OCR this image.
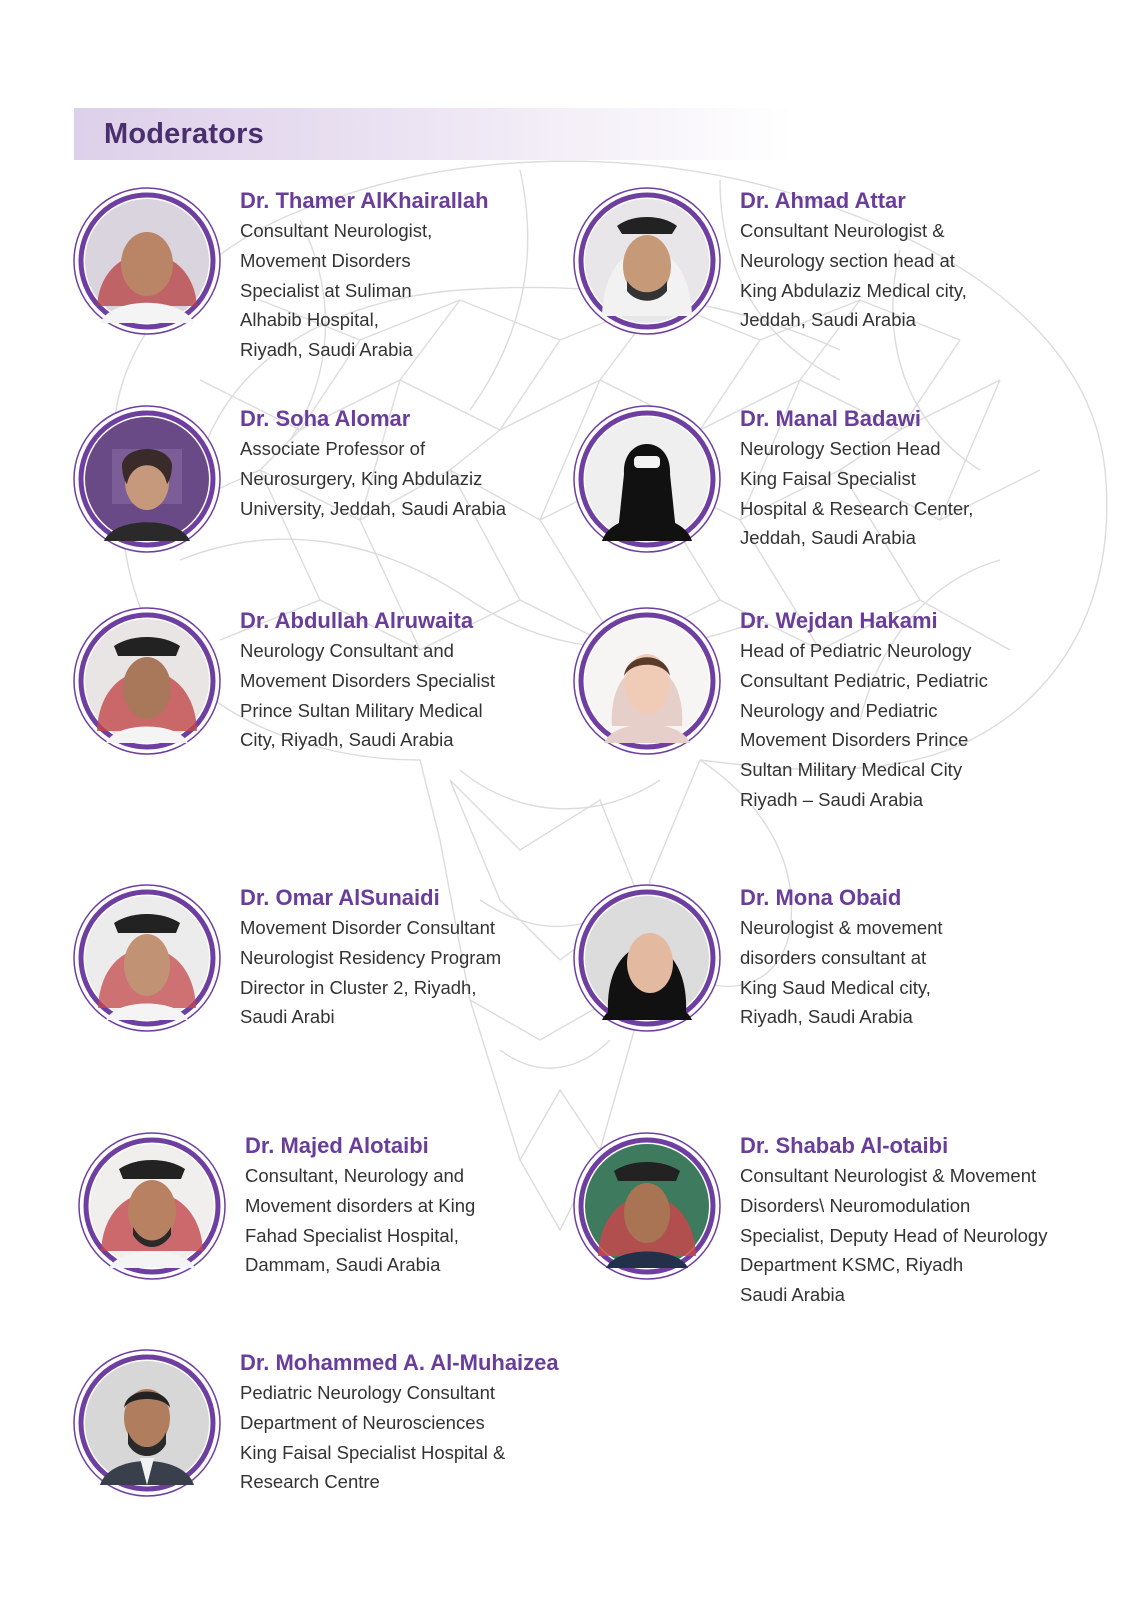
Moderators
Dr. Thamer AlKhairallah
Consultant Neurologist,
Movement Disorders
Specialist at Suliman
Alhabib Hospital,
Riyadh, Saudi Arabia
Dr. Ahmad Attar
Consultant Neurologist &
Neurology section head at
King Abdulaziz Medical city,
Jeddah, Saudi Arabia
Dr. Soha Alomar
Associate Professor of
Neurosurgery, King Abdulaziz
University, Jeddah, Saudi Arabia
Dr. Manal Badawi
Neurology Section Head
King Faisal Specialist
Hospital & Research Center,
Jeddah, Saudi Arabia
Dr. Abdullah Alruwaita
Neurology Consultant and
Movement Disorders Specialist
Prince Sultan Military Medical
City, Riyadh, Saudi Arabia
Dr. Wejdan Hakami
Head of Pediatric Neurology
Consultant Pediatric, Pediatric
Neurology and Pediatric
Movement Disorders Prince
Sultan Military Medical City
Riyadh – Saudi Arabia
Dr. Omar AlSunaidi
Movement Disorder Consultant
Neurologist Residency Program
Director in Cluster 2, Riyadh,
Saudi Arabi
Dr. Mona Obaid
Neurologist & movement
disorders consultant at
King Saud Medical city,
Riyadh, Saudi Arabia
Dr. Majed Alotaibi
Consultant, Neurology and
Movement disorders at King
Fahad Specialist Hospital,
Dammam, Saudi Arabia
Dr. Shabab Al-otaibi
Consultant Neurologist & Movement
Disorders\ Neuromodulation
Specialist, Deputy Head of Neurology
Department KSMC, Riyadh
Saudi Arabia
Dr. Mohammed A. Al-Muhaizea
Pediatric Neurology Consultant
Department of Neurosciences
King Faisal Specialist Hospital &
Research Centre
